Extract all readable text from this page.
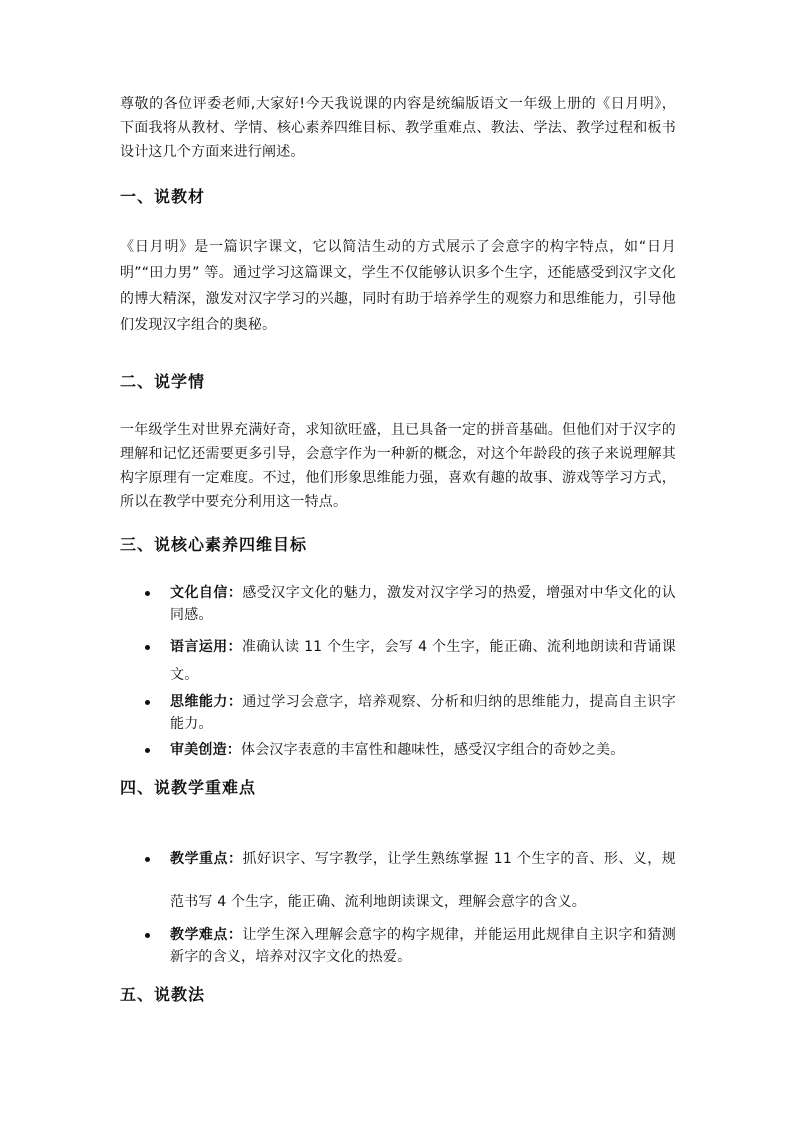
尊敬的各位评委老师,大家好!今天我说课的内容是统编版语文一年级上册的《日月明》，下面我将从教材、学情、核心素养四维目标、教学重难点、教法、学法、教学过程和板书设计这几个方面来进行阐述。

一、说教材

《日月明》是一篇识字课文，它以简洁生动的方式展示了会意字的构字特点，如“日月明”“田力男” 等。通过学习这篇课文，学生不仅能够认识多个生字，还能感受到汉字文化的博大精深，激发对汉字学习的兴趣，同时有助于培养学生的观察力和思维能力，引导他们发现汉字组合的奥秘。

二、说学情

一年级学生对世界充满好奇，求知欲旺盛，且已具备一定的拼音基础。但他们对于汉字的理解和记忆还需要更多引导，会意字作为一种新的概念，对这个年龄段的孩子来说理解其构字原理有一定难度。不过，他们形象思维能力强，喜欢有趣的故事、游戏等学习方式，所以在教学中要充分利用这一特点。

三、说核心素养四维目标
文化自信：感受汉字文化的魅力，激发对汉字学习的热爱，增强对中华文化的认同感。
语言运用：准确认读 11 个生字，会写 4 个生字，能正确、流利地朗读和背诵课文。
思维能力：通过学习会意字，培养观察、分析和归纳的思维能力，提高自主识字能力。
审美创造：体会汉字表意的丰富性和趣味性，感受汉字组合的奇妙之美。
四、说教学重难点
教学重点：抓好识字、写字教学，让学生熟练掌握 11 个生字的音、形、义，规范书写 4 个生字，能正确、流利地朗读课文，理解会意字的含义。
教学难点：让学生深入理解会意字的构字规律，并能运用此规律自主识字和猜测新字的含义，培养对汉字文化的热爱。
五、说教法
